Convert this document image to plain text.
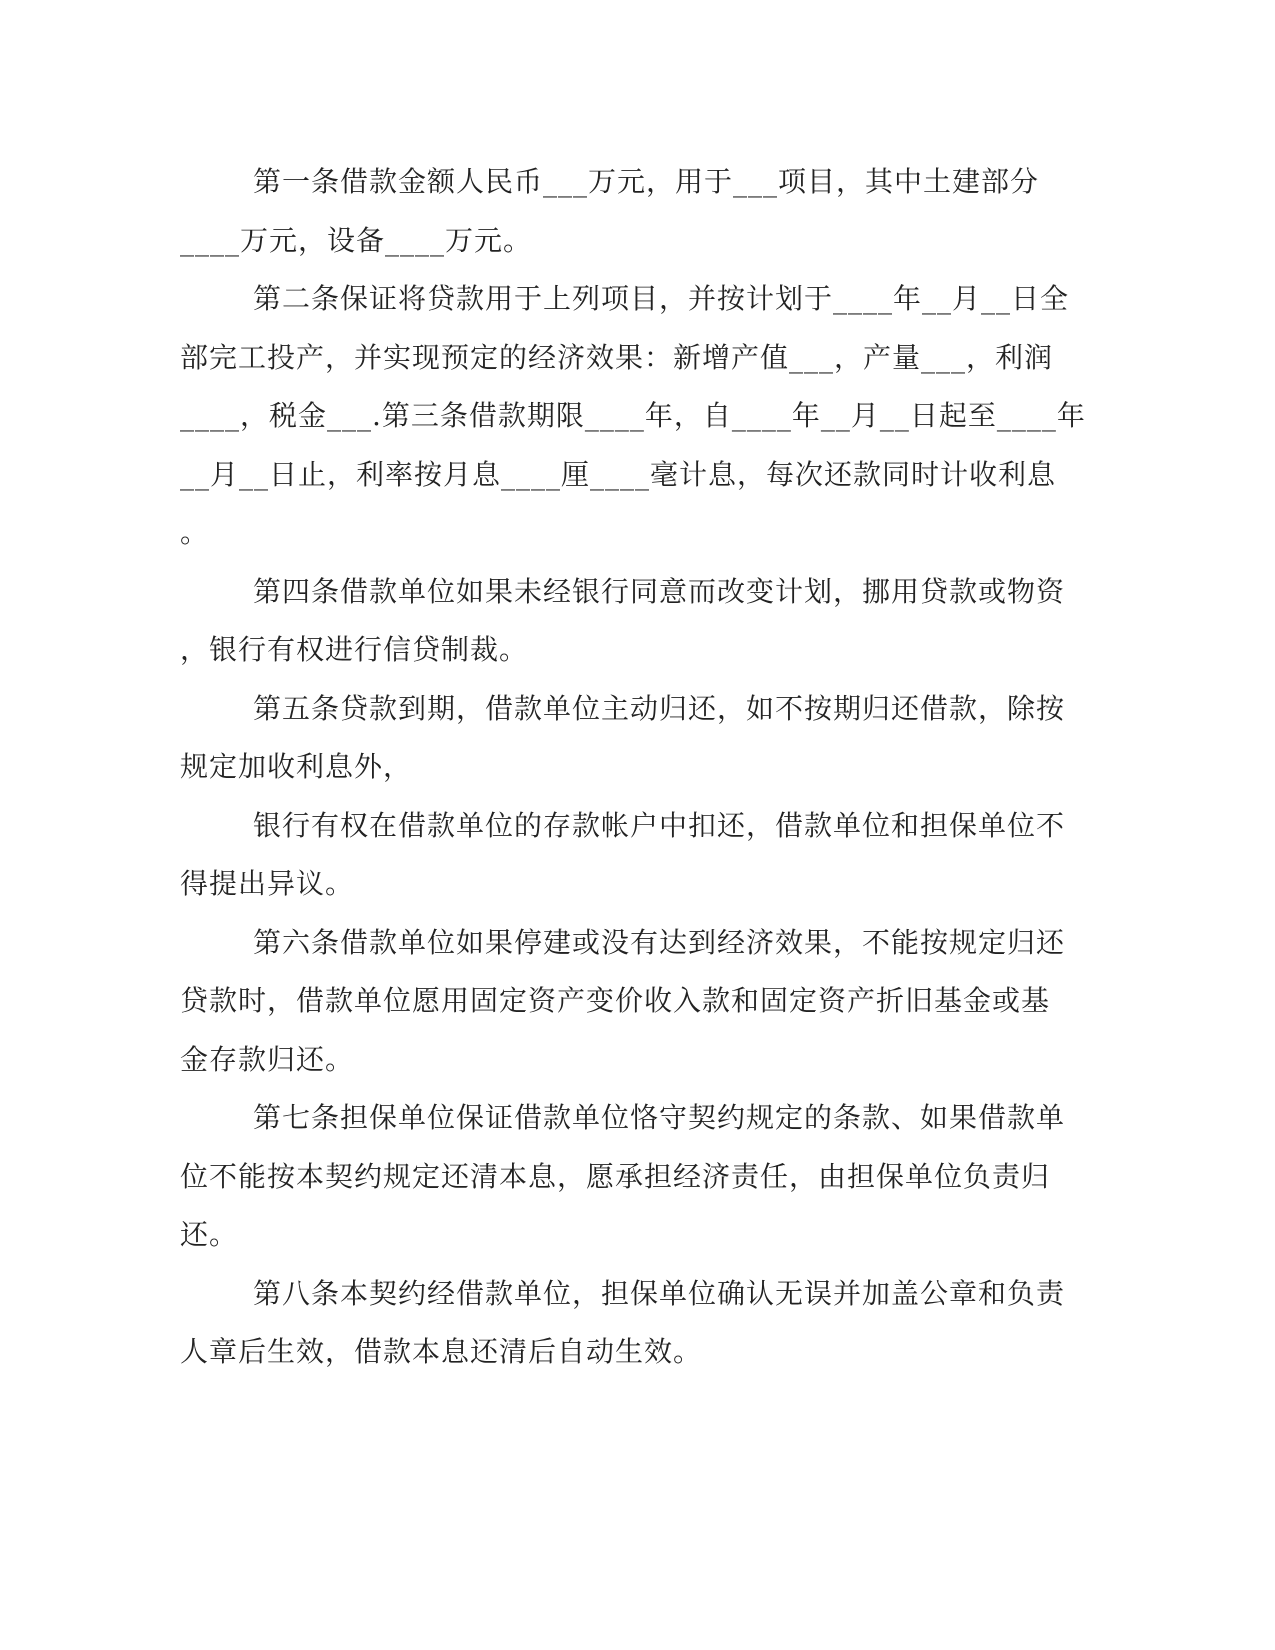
第一条借款金额人民币___万元，用于___项目，其中土建部分
____万元，设备____万元。
第二条保证将贷款用于上列项目，并按计划于____年__月__日全
部完工投产，并实现预定的经济效果：新增产值___，产量___，利润
____，税金___.第三条借款期限____年，自____年__月__日起至____年
__月__日止，利率按月息____厘____毫计息，每次还款同时计收利息
。
第四条借款单位如果未经银行同意而改变计划，挪用贷款或物资
，银行有权进行信贷制裁。
第五条贷款到期，借款单位主动归还，如不按期归还借款，除按
规定加收利息外，
银行有权在借款单位的存款帐户中扣还，借款单位和担保单位不
得提出异议。
第六条借款单位如果停建或没有达到经济效果，不能按规定归还
贷款时，借款单位愿用固定资产变价收入款和固定资产折旧基金或基
金存款归还。
第七条担保单位保证借款单位恪守契约规定的条款、如果借款单
位不能按本契约规定还清本息，愿承担经济责任，由担保单位负责归
还。
第八条本契约经借款单位，担保单位确认无误并加盖公章和负责
人章后生效，借款本息还清后自动生效。
